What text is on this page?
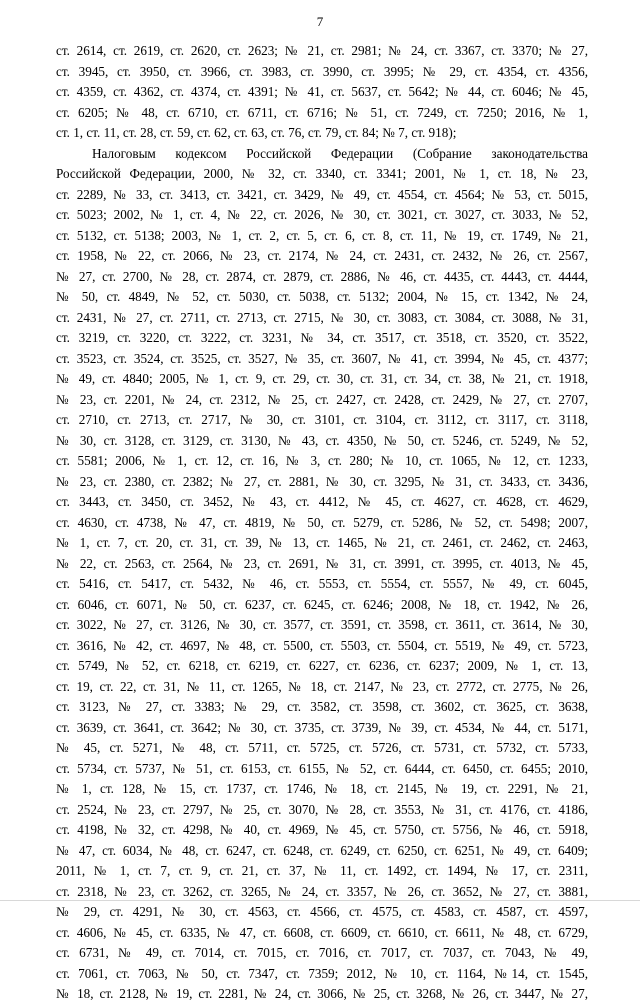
7
ст. 2614, ст. 2619, ст. 2620, ст. 2623; № 21, ст. 2981; № 24, ст. 3367, ст. 3370; № 27,
ст. 3945, ст. 3950, ст. 3966, ст. 3983, ст. 3990, ст. 3995; № 29, ст. 4354, ст. 4356,
ст. 4359, ст. 4362, ст. 4374, ст. 4391; № 41, ст. 5637, ст. 5642; № 44, ст. 6046; № 45,
ст. 6205; № 48, ст. 6710, ст. 6711, ст. 6716; № 51, ст. 7249, ст. 7250; 2016, № 1,
ст. 1, ст. 11, ст. 28, ст. 59, ст. 62, ст. 63, ст. 76, ст. 79, ст. 84; № 7, ст. 918);
Налоговым кодексом Российской Федерации (Собрание законодательства
Российской Федерации, 2000, № 32, ст. 3340, ст. 3341; 2001, № 1, ст. 18, № 23,
ст. 2289, № 33, ст. 3413, ст. 3421, ст. 3429, № 49, ст. 4554, ст. 4564; № 53, ст. 5015,
ст. 5023; 2002, № 1, ст. 4, № 22, ст. 2026, № 30, ст. 3021, ст. 3027, ст. 3033, № 52,
ст. 5132, ст. 5138; 2003, № 1, ст. 2, ст. 5, ст. 6, ст. 8, ст. 11, № 19, ст. 1749, № 21,
ст. 1958, № 22, ст. 2066, № 23, ст. 2174, № 24, ст. 2431, ст. 2432, № 26, ст. 2567,
№ 27, ст. 2700, № 28, ст. 2874, ст. 2879, ст. 2886, № 46, ст. 4435, ст. 4443, ст. 4444,
№ 50, ст. 4849, № 52, ст. 5030, ст. 5038, ст. 5132; 2004, № 15, ст. 1342, № 24,
ст. 2431, № 27, ст. 2711, ст. 2713, ст. 2715, № 30, ст. 3083, ст. 3084, ст. 3088, № 31,
ст. 3219, ст. 3220, ст. 3222, ст. 3231, № 34, ст. 3517, ст. 3518, ст. 3520, ст. 3522,
ст. 3523, ст. 3524, ст. 3525, ст. 3527, № 35, ст. 3607, № 41, ст. 3994, № 45, ст. 4377;
№ 49, ст. 4840; 2005, № 1, ст. 9, ст. 29, ст. 30, ст. 31, ст. 34, ст. 38, № 21, ст. 1918,
№ 23, ст. 2201, № 24, ст. 2312, № 25, ст. 2427, ст. 2428, ст. 2429, № 27, ст. 2707,
ст. 2710, ст. 2713, ст. 2717, № 30, ст. 3101, ст. 3104, ст. 3112, ст. 3117, ст. 3118,
№ 30, ст. 3128, ст. 3129, ст. 3130, № 43, ст. 4350, № 50, ст. 5246, ст. 5249, № 52,
ст. 5581; 2006, № 1, ст. 12, ст. 16, № 3, ст. 280; № 10, ст. 1065, № 12, ст. 1233,
№ 23, ст. 2380, ст. 2382; № 27, ст. 2881, № 30, ст. 3295, № 31, ст. 3433, ст. 3436,
ст. 3443, ст. 3450, ст. 3452, № 43, ст. 4412, № 45, ст. 4627, ст. 4628, ст. 4629,
ст. 4630, ст. 4738, № 47, ст. 4819, № 50, ст. 5279, ст. 5286, № 52, ст. 5498; 2007,
№ 1, ст. 7, ст. 20, ст. 31, ст. 39, № 13, ст. 1465, № 21, ст. 2461, ст. 2462, ст. 2463,
№ 22, ст. 2563, ст. 2564, № 23, ст. 2691, № 31, ст. 3991, ст. 3995, ст. 4013, № 45,
ст. 5416, ст. 5417, ст. 5432, № 46, ст. 5553, ст. 5554, ст. 5557, № 49, ст. 6045,
ст. 6046, ст. 6071, № 50, ст. 6237, ст. 6245, ст. 6246; 2008, № 18, ст. 1942, № 26,
ст. 3022, № 27, ст. 3126, № 30, ст. 3577, ст. 3591, ст. 3598, ст. 3611, ст. 3614, № 30,
ст. 3616, № 42, ст. 4697, № 48, ст. 5500, ст. 5503, ст. 5504, ст. 5519, № 49, ст. 5723,
ст. 5749, № 52, ст. 6218, ст. 6219, ст. 6227, ст. 6236, ст. 6237; 2009, № 1, ст. 13,
ст. 19, ст. 22, ст. 31, № 11, ст. 1265, № 18, ст. 2147, № 23, ст. 2772, ст. 2775, № 26,
ст. 3123, № 27, ст. 3383; № 29, ст. 3582, ст. 3598, ст. 3602, ст. 3625, ст. 3638,
ст. 3639, ст. 3641, ст. 3642; № 30, ст. 3735, ст. 3739, № 39, ст. 4534, № 44, ст. 5171,
№ 45, ст. 5271, № 48, ст. 5711, ст. 5725, ст. 5726, ст. 5731, ст. 5732, ст. 5733,
ст. 5734, ст. 5737, № 51, ст. 6153, ст. 6155, № 52, ст. 6444, ст. 6450, ст. 6455; 2010,
№ 1, ст. 128, № 15, ст. 1737, ст. 1746, № 18, ст. 2145, № 19, ст. 2291, № 21,
ст. 2524, № 23, ст. 2797, № 25, ст. 3070, № 28, ст. 3553, № 31, ст. 4176, ст. 4186,
ст. 4198, № 32, ст. 4298, № 40, ст. 4969, № 45, ст. 5750, ст. 5756, № 46, ст. 5918,
№ 47, ст. 6034, № 48, ст. 6247, ст. 6248, ст. 6249, ст. 6250, ст. 6251, № 49, ст. 6409;
2011, № 1, ст. 7, ст. 9, ст. 21, ст. 37, № 11, ст. 1492, ст. 1494, № 17, ст. 2311,
ст. 2318, № 23, ст. 3262, ст. 3265, № 24, ст. 3357, № 26, ст. 3652, № 27, ст. 3881,
№ 29, ст. 4291, № 30, ст. 4563, ст. 4566, ст. 4575, ст. 4583, ст. 4587, ст. 4597,
ст. 4606, № 45, ст. 6335, № 47, ст. 6608, ст. 6609, ст. 6610, ст. 6611, № 48, ст. 6729,
ст. 6731, № 49, ст. 7014, ст. 7015, ст. 7016, ст. 7017, ст. 7037, ст. 7043, № 49,
ст. 7061, ст. 7063, № 50, ст. 7347, ст. 7359; 2012, № 10, ст. 1164, №14, ст. 1545,
№ 18, ст. 2128, № 19, ст. 2281, № 24, ст. 3066, № 25, ст. 3268, № 26, ст. 3447, № 27,
